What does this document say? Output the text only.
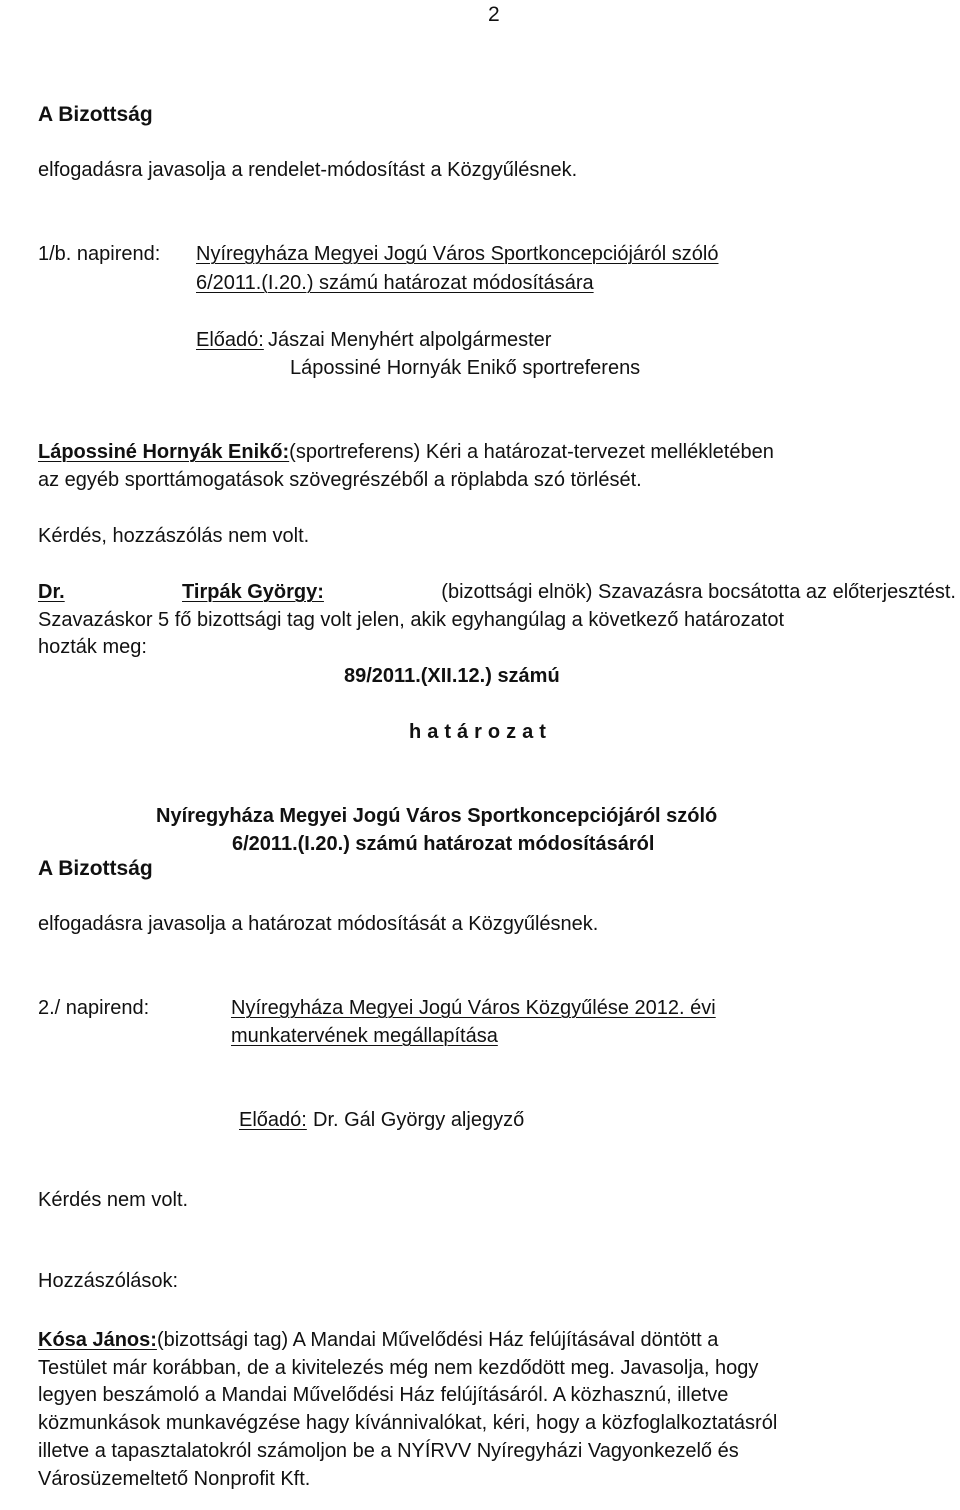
2
A Bizottság
elfogadásra javasolja a rendelet-módosítást a Közgyűlésnek.
1/b. napirend: Nyíregyháza Megyei Jogú Város Sportkoncepciójáról szóló
6/2011.(I.20.) számú határozat módosítására
Előadó: Jászai Menyhért alpolgármester
Lápossiné Hornyák Enikő sportreferens
Lápossiné Hornyák Enikő:(sportreferens) Kéri a határozat-tervezet mellékletében
az egyéb sporttámogatások szövegrészéből a röplabda szó törlését.
Kérdés, hozzászólás nem volt.
Dr.	Tirpák György:	(bizottsági elnök) Szavazásra bocsátotta az előterjesztést.
Szavazáskor 5 fő bizottsági tag volt jelen, akik egyhangúlag a következő határozatot
hozták meg:
89/2011.(XII.12.) számú
határozat
Nyíregyháza Megyei Jogú Város Sportkoncepciójáról szóló
6/2011.(I.20.) számú határozat módosításáról
A Bizottság
elfogadásra javasolja a határozat módosítását a Közgyűlésnek.
2./ napirend:	Nyíregyháza Megyei Jogú Város Közgyűlése 2012. évi
munkatervének megállapítása
Előadó: Dr. Gál György aljegyző
Kérdés nem volt.
Hozzászólások:
Kósa János:(bizottsági tag) A Mandai Művelődési Ház felújításával döntött a
Testület már korábban, de a kivitelezés még nem kezdődött meg. Javasolja, hogy
legyen beszámoló a Mandai Művelődési Ház felújításáról. A közhasznú, illetve
közmunkások munkavégzése hagy kívánnivalókat, kéri, hogy a közfoglalkoztatásról
illetve a tapasztalatokról számoljon be a NYÍRVV Nyíregyházi Vagyonkezelő és
Városüzemeltető Nonprofit Kft.
